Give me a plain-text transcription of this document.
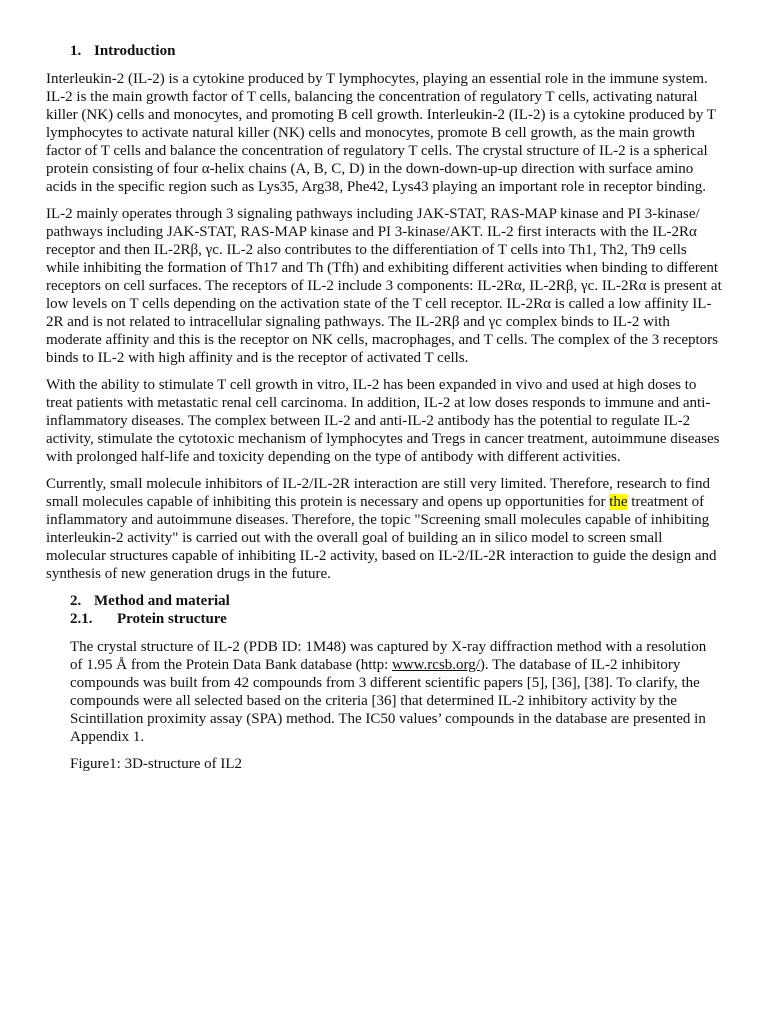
1. Introduction

Interleukin-2 (IL-2) is a cytokine produced by T lymphocytes, playing an essential role in the immune system. IL-2 is the main growth factor of T cells, balancing the concentration of regulatory T cells, activating natural killer (NK) cells and monocytes, and promoting B cell growth. Interleukin-2 (IL-2) is a cytokine produced by T lymphocytes to activate natural killer (NK) cells and monocytes, promote B cell growth, as the main growth factor of T cells and balance the concentration of regulatory T cells. The crystal structure of IL-2 is a spherical protein consisting of four α-helix chains (A, B, C, D) in the down-down-up-up direction with surface amino acids in the specific region such as Lys35, Arg38, Phe42, Lys43 playing an important role in receptor binding.

IL-2 mainly operates through 3 signaling pathways including JAK-STAT, RAS-MAP kinase and PI 3-kinase/ pathways including JAK-STAT, RAS-MAP kinase and PI 3-kinase/AKT. IL-2 first interacts with the IL-2Rα receptor and then IL-2Rβ, γc. IL-2 also contributes to the differentiation of T cells into Th1, Th2, Th9 cells while inhibiting the formation of Th17 and Th (Tfh) and exhibiting different activities when binding to different receptors on cell surfaces. The receptors of IL-2 include 3 components: IL-2Rα, IL-2Rβ, γc. IL-2Rα is present at low levels on T cells depending on the activation state of the T cell receptor. IL-2Rα is called a low affinity IL-2R and is not related to intracellular signaling pathways. The IL-2Rβ and γc complex binds to IL-2 with moderate affinity and this is the receptor on NK cells, macrophages, and T cells. The complex of the 3 receptors binds to IL-2 with high affinity and is the receptor of activated T cells.

With the ability to stimulate T cell growth in vitro, IL-2 has been expanded in vivo and used at high doses to treat patients with metastatic renal cell carcinoma. In addition, IL-2 at low doses responds to immune and anti-inflammatory diseases. The complex between IL-2 and anti-IL-2 antibody has the potential to regulate IL-2 activity, stimulate the cytotoxic mechanism of lymphocytes and Tregs in cancer treatment, autoimmune diseases with prolonged half-life and toxicity depending on the type of antibody with different activities.

Currently, small molecule inhibitors of IL-2/IL-2R interaction are still very limited. Therefore, research to find small molecules capable of inhibiting this protein is necessary and opens up opportunities for the treatment of inflammatory and autoimmune diseases. Therefore, the topic "Screening small molecules capable of inhibiting interleukin-2 activity" is carried out with the overall goal of building an in silico model to screen small molecular structures capable of inhibiting IL-2 activity, based on IL-2/IL-2R interaction to guide the design and synthesis of new generation drugs in the future.

2. Method and material
2.1.	Protein structure

The crystal structure of IL-2 (PDB ID: 1M48) was captured by X-ray diffraction method with a resolution of 1.95 Å from the Protein Data Bank database (http: www.rcsb.org/). The database of IL-2 inhibitory compounds was built from 42 compounds from 3 different scientific papers [5], [36], [38]. To clarify, the compounds were all selected based on the criteria [36] that determined IL-2 inhibitory activity by the Scintillation proximity assay (SPA) method. The IC50 values’ compounds in the database are presented in Appendix 1.

Figure1: 3D-structure of IL2
